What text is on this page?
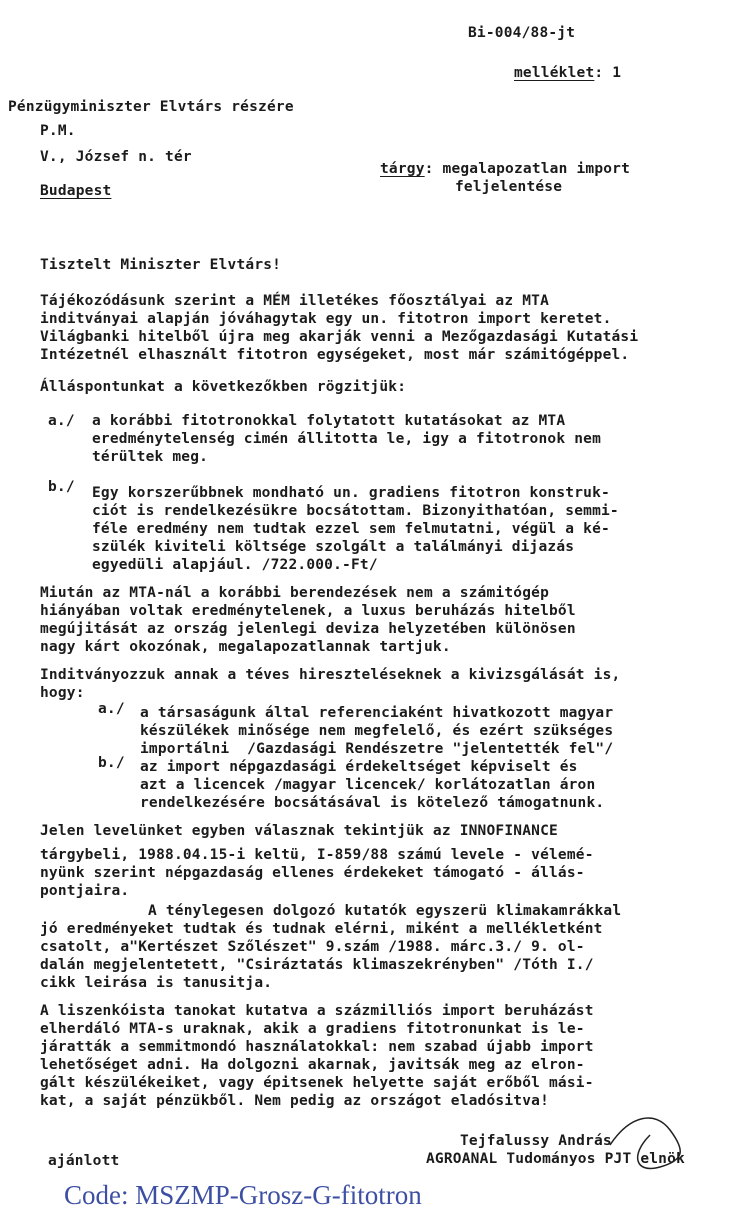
Bi-004/88-jt
melléklet: 1
Pénzügyminiszter Elvtárs részére
P.M.
V., József n. tér
Budapest
tárgy: megalapozatlan import
feljelentése
Tisztelt Miniszter Elvtárs!
Tájékozódásunk szerint a MÉM illetékes főosztályai az MTA
inditványai alapján jóváhagytak egy un. fitotron import keretet.
Világbanki hitelből újra meg akarják venni a Mezőgazdasági Kutatási
Intézetnél elhasznált fitotron egységeket, most már számitógéppel.
Álláspontunkat a következőkben rögzitjük:
a./ a korábbi fitotronokkal folytatott kutatásokat az MTA
eredménytelenség cimén állitotta le, igy a fitotronok nem
térültek meg.
b./ Egy korszerűbbnek mondható un. gradiens fitotron konstruk-
ciót is rendelkezésükre bocsátottam. Bizonyithatóan, semmi-
féle eredmény nem tudtak ezzel sem felmutatni, végül a ké-
szülék kiviteli költsége szolgált a találmányi dijazás
egyedüli alapjául. /722.000.-Ft/
Miután az MTA-nál a korábbi berendezések nem a számitógép
hiányában voltak eredménytelenek, a luxus beruházás hitelből
megújitását az ország jelenlegi deviza helyzetében különösen
nagy kárt okozónak, megalapozatlannak tartjuk.
Inditványozzuk annak a téves hireszteléseknek a kivizsgálását is,
hogy:
a./ a társaságunk által referenciaként hivatkozott magyar
készülékek minősége nem megfelelő, és ezért szükséges
importálni  /Gazdasági Rendészetre "jelentették fel"/
b./ az import népgazdasági érdekeltséget képviselt és
azt a licencek /magyar licencek/ korlátozatlan áron
rendelkezésére bocsátásával is kötelező támogatnunk.
Jelen levelünket egyben válasznak tekintjük az INNOFINANCE
tárgybeli, 1988.04.15-i keltü, I-859/88 számú levele - vélemé-
nyünk szerint népgazdaság ellenes érdekeket támogató - állás-
pontjaira.
A ténylegesen dolgozó kutatók egyszerü klimakamrákkal
jó eredményeket tudtak és tudnak elérni, miként a mellékletként
csatolt, a"Kertészet Szőlészet" 9.szám /1988. márc.3./ 9. ol-
dalán megjelentetett, "Csiráztatás klimaszekrényben" /Tóth I./
cikk leirása is tanusitja.
A liszenkóista tanokat kutatva a százmilliós import beruházást
elherdáló MTA-s uraknak, akik a gradiens fitotronunkat is le-
járatták a semmitmondó használatokkal: nem szabad újabb import
lehetőséget adni. Ha dolgozni akarnak, javitsák meg az elron-
gált készülékeiket, vagy épitsenek helyette saját erőből mási-
kat, a saját pénzükből. Nem pedig az országot eladósitva!
Tejfalussy András
AGROANAL Tudományos PJT elnök
ajánlott
Code: MSZMP-Grosz-G-fitotron
